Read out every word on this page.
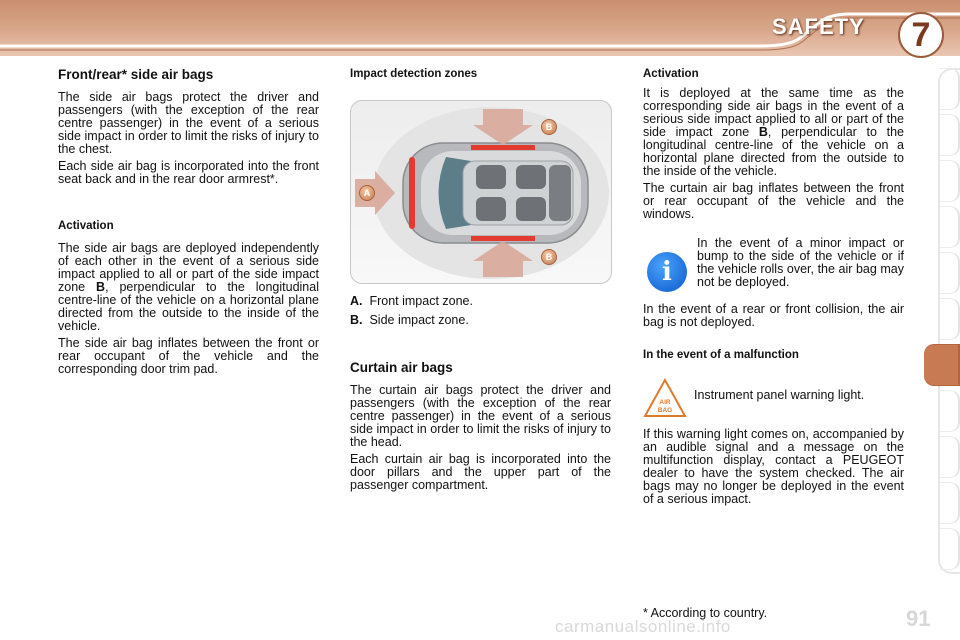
SAFETY	7
Front/rear* side air bags

The side air bags protect the driver and passengers (with the exception of the rear centre passenger) in the event of a serious side impact in order to limit the risks of injury to the chest.

Each side air bag is incorporated into the front seat back and in the rear door armrest*.

Activation

The side air bags are deployed independently of each other in the event of a serious side impact applied to all or part of the side impact zone B, perpendicular to the longitudinal centre-line of the vehicle on a horizontal plane directed from the outside to the inside of the vehicle.

The side air bag inflates between the front or rear occupant of the vehicle and the corresponding door trim pad.

Impact detection zones
A
B
B

A. Front impact zone.

B. Side impact zone.

Curtain air bags

The curtain air bags protect the driver and passengers (with the exception of the rear centre passenger) in the event of a serious side impact in order to limit the risks of injury to the head.

Each curtain air bag is incorporated into the door pillars and the upper part of the passenger compartment.

Activation

It is deployed at the same time as the corresponding side air bags in the event of a serious side impact applied to all or part of the side impact zone B, perpendicular to the longitudinal centre-line of the vehicle on a horizontal plane directed from the outside to the inside of the vehicle.

The curtain air bag inflates between the front or rear occupant of the vehicle and the windows.

i

In the event of a minor impact or bump to the side of the vehicle or if the vehicle rolls over, the air bag may not be deployed.

In the event of a rear or front collision, the air bag is not deployed.

In the event of a malfunction
AIR
BAG
Instrument panel warning light.

If this warning light comes on, accompanied by an audible signal and a message on the multifunction display, contact a PEUGEOT dealer to have the system checked. The air bags may no longer be deployed in the event of a serious impact.

* According to country.
carmanualsonline.info	91
